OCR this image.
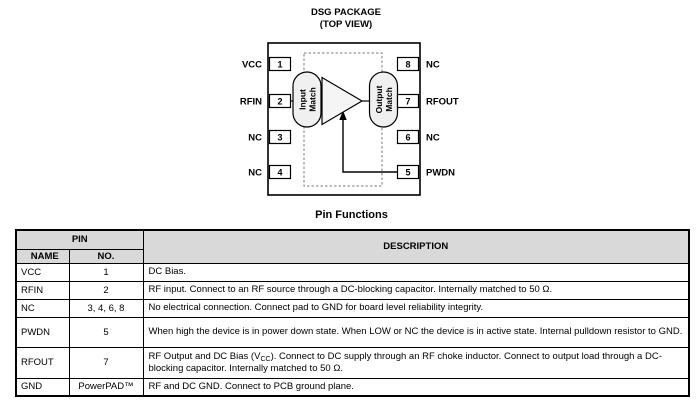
DSG PACKAGE
(TOP VIEW)
Input Match	Output Match
1
2
3
4
VCC
RFIN
NC
NC
8
7
6
5
NC
RFOUT
NC
PWDN
Pin Functions
PIN		DESCRIPTION
NAME	NO.	
VCC	1	DC Bias.
RFIN	2	RF input. Connect to an RF source through a DC-blocking capacitor. Internally matched to 50 Ω.
NC	3, 4, 6, 8	No electrical connection. Connect pad to GND for board level reliability integrity.
PWDN	5	When high the device is in power down state. When LOW or NC the device is in active state. Internal pulldown resistor to GND.
RFOUT	7	RF Output and DC Bias $(V_{CC})$. Connect to DC supply through an RF choke inductor. Connect to output load through a DC-blocking capacitor. Internally matched to 50 Ω.
GND	PowerPAD™	RF and DC GND. Connect to PCB ground plane.
